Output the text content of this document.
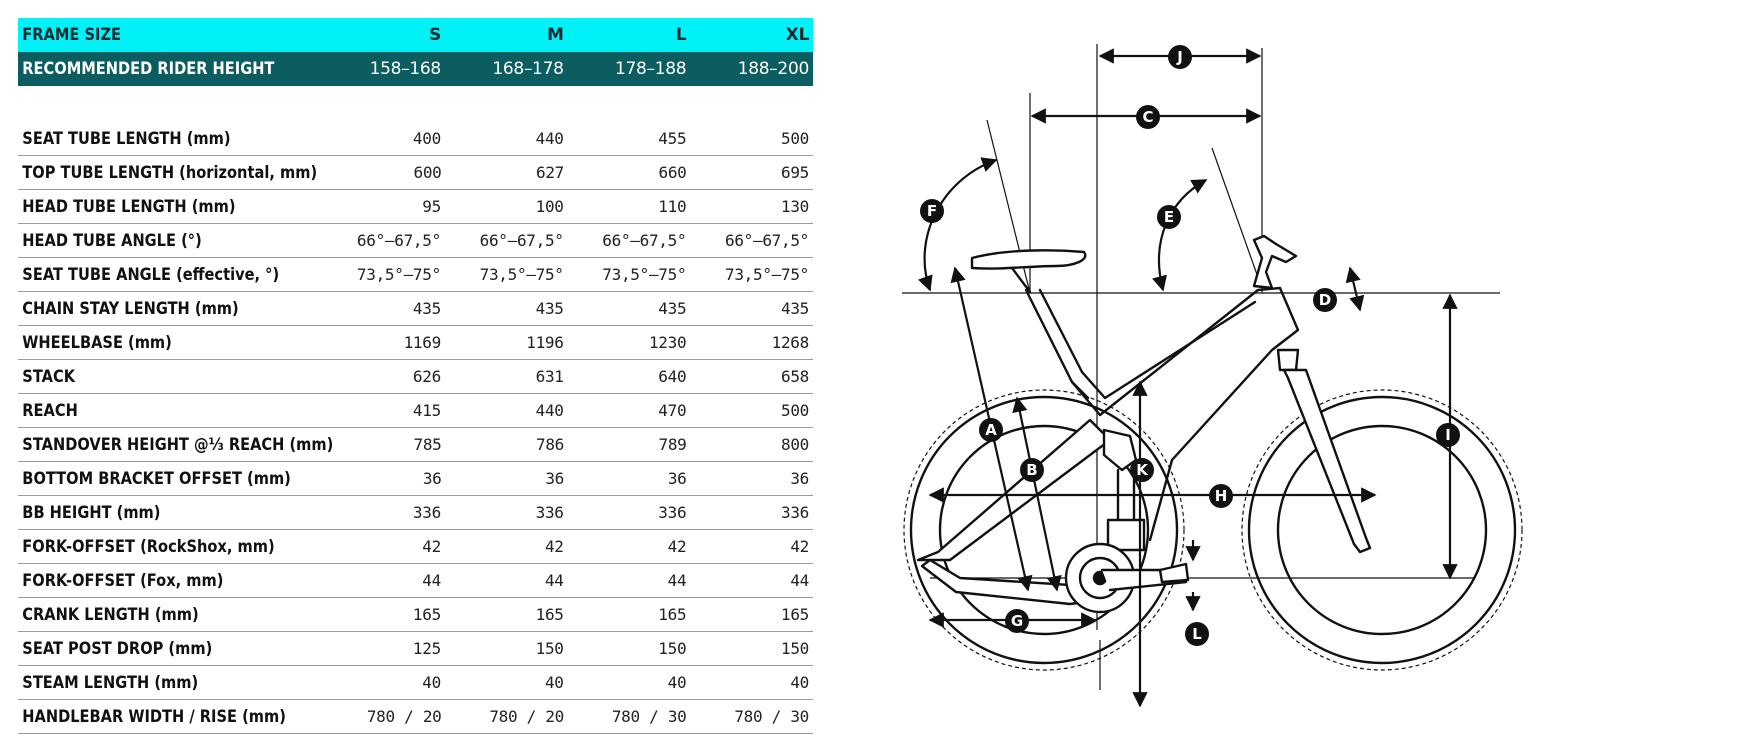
FRAME SIZE	S	M	L	XL
RECOMMENDED RIDER HEIGHT	158–168	168–178	178–188	188–200
SEAT TUBE LENGTH (mm)	400	440	455	500
TOP TUBE LENGTH (horizontal, mm)	600	627	660	695
HEAD TUBE LENGTH (mm)	95	100	110	130
HEAD TUBE ANGLE (°)	66°–67,5°	66°–67,5°	66°–67,5°	66°–67,5°
SEAT TUBE ANGLE (effective, °)	73,5°–75°	73,5°–75°	73,5°–75°	73,5°–75°
CHAIN STAY LENGTH (mm)	435	435	435	435
WHEELBASE (mm)	1169	1196	1230	1268
STACK	626	631	640	658
REACH	415	440	470	500
STANDOVER HEIGHT @⅓ REACH (mm)	785	786	789	800
BOTTOM BRACKET OFFSET (mm)	36	36	36	36
BB HEIGHT (mm)	336	336	336	336
FORK-OFFSET (RockShox, mm)	42	42	42	42
FORK-OFFSET (Fox, mm)	44	44	44	44
CRANK LENGTH (mm)	165	165	165	165
SEAT POST DROP (mm)	125	150	150	150
STEAM LENGTH (mm)	40	40	40	40
HANDLEBAR WIDTH / RISE (mm)	780 / 20	780 / 20	780 / 30	780 / 30
A
B
C
D
E
F
G
H
I
J
K
L
